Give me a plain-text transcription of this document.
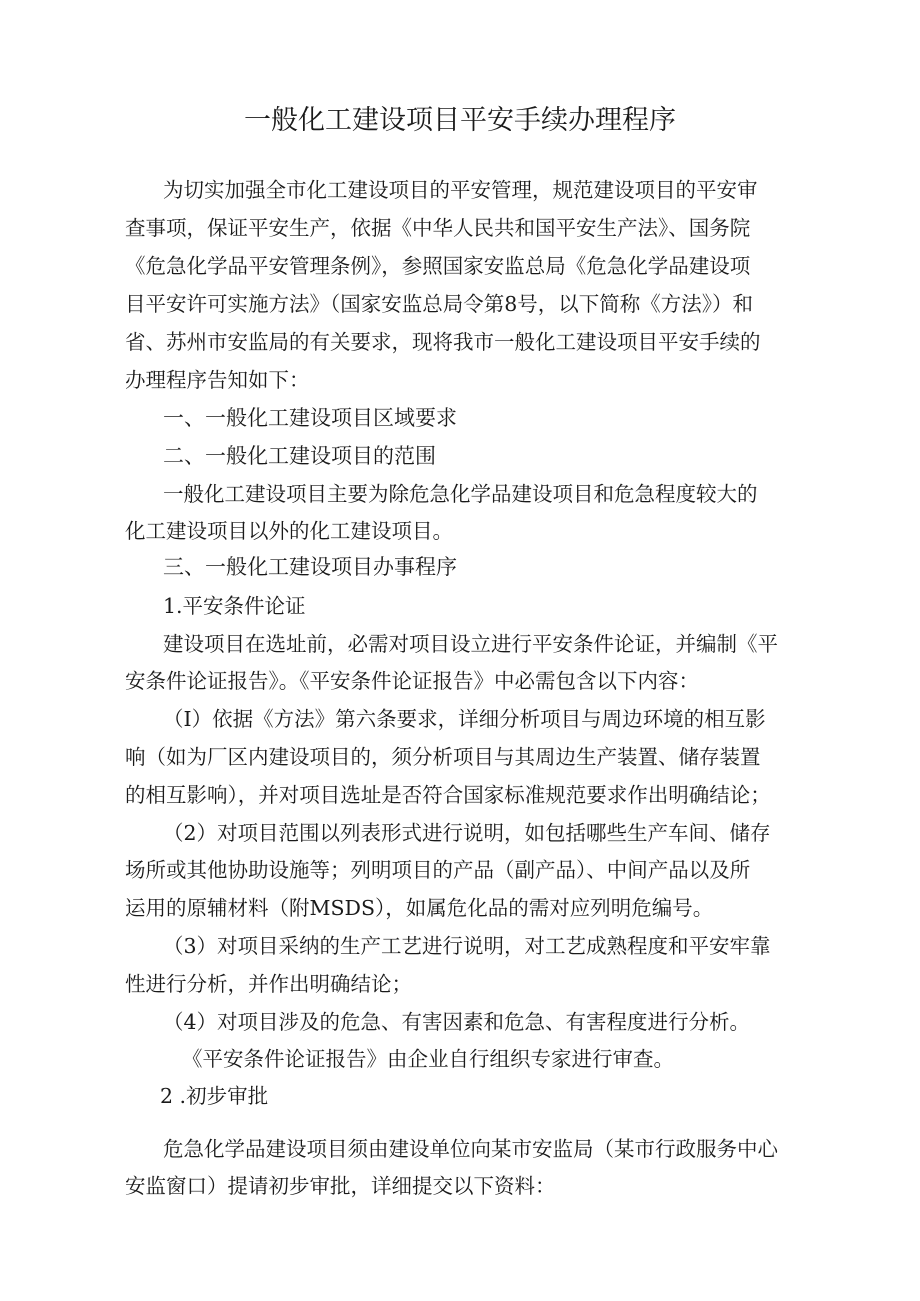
一般化工建设项目平安手续办理程序
为切实加强全市化工建设项目的平安管理，规范建设项目的平安审
查事项，保证平安生产，依据《中华人民共和国平安生产法》、国务院
《危急化学品平安管理条例》，参照国家安监总局《危急化学品建设项
目平安许可实施方法》（国家安监总局令第8号，以下简称《方法》）和
省、苏州市安监局的有关要求，现将我市一般化工建设项目平安手续的
办理程序告知如下：
一、一般化工建设项目区域要求
二、一般化工建设项目的范围
一般化工建设项目主要为除危急化学品建设项目和危急程度较大的
化工建设项目以外的化工建设项目。
三、一般化工建设项目办事程序
1.平安条件论证
建设项目在选址前，必需对项目设立进行平安条件论证，并编制《平
安条件论证报告》。《平安条件论证报告》中必需包含以下内容：
（I）依据《方法》第六条要求，详细分析项目与周边环境的相互影
响（如为厂区内建设项目的，须分析项目与其周边生产装置、储存装置
的相互影响），并对项目选址是否符合国家标准规范要求作出明确结论；
（2）对项目范围以列表形式进行说明，如包括哪些生产车间、储存
场所或其他协助设施等；列明项目的产品（副产品）、中间产品以及所
运用的原辅材料（附MSDS），如属危化品的需对应列明危编号。
（3）对项目采纳的生产工艺进行说明，对工艺成熟程度和平安牢靠
性进行分析，并作出明确结论；
（4）对项目涉及的危急、有害因素和危急、有害程度进行分析。
《平安条件论证报告》由企业自行组织专家进行审查。
2 .初步审批
危急化学品建设项目须由建设单位向某市安监局（某市行政服务中心
安监窗口）提请初步审批，详细提交以下资料：
